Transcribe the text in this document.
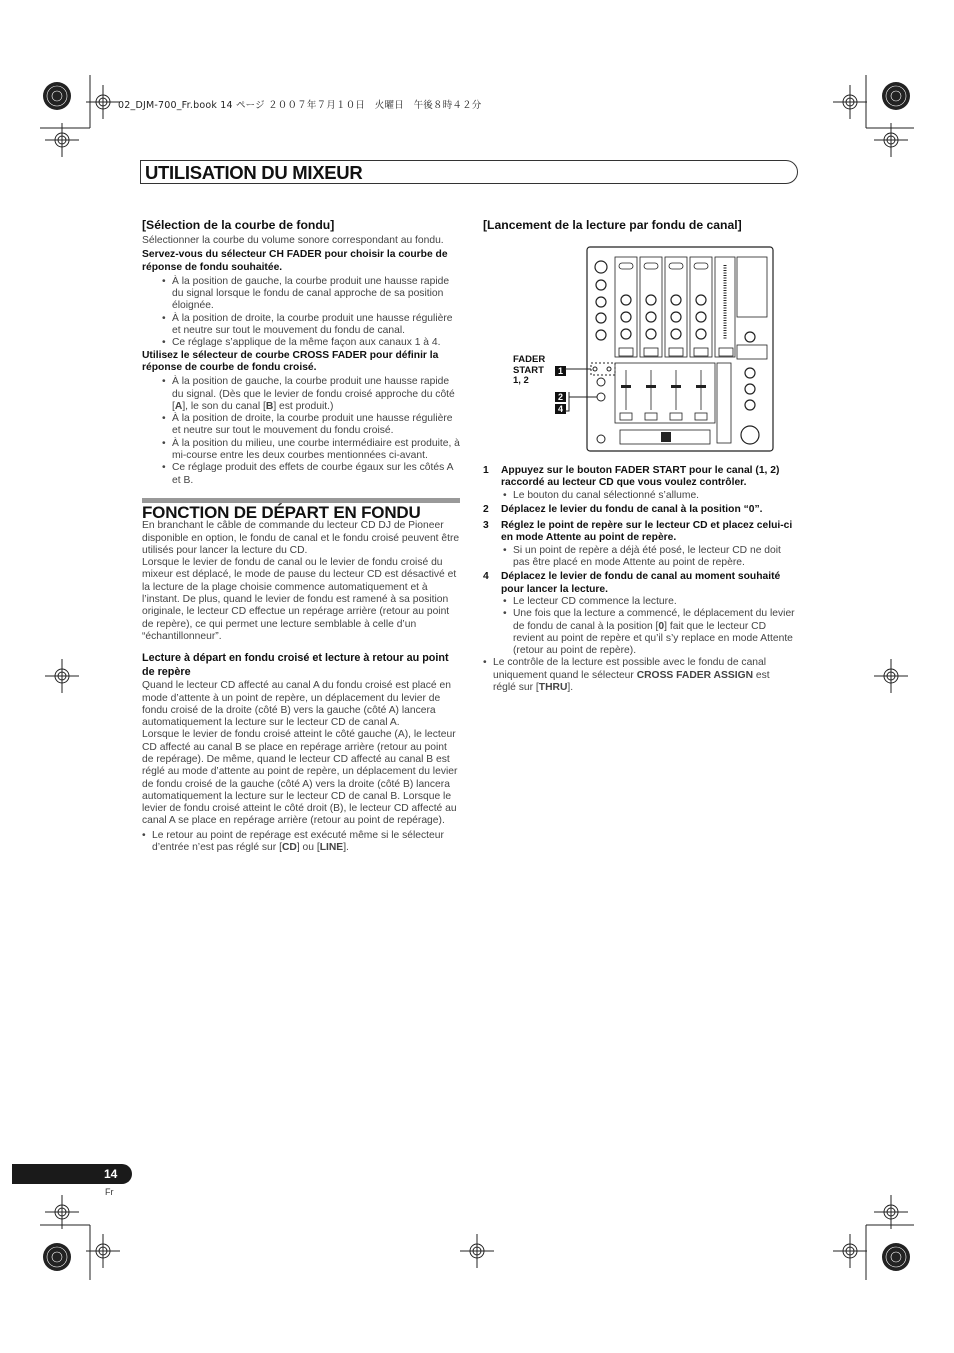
02_DJM-700_Fr.book 14 ページ ２００７年７月１０日　火曜日　午後８時４２分
UTILISATION DU MIXEUR

[Sélection de la courbe de fondu]

Sélectionner la courbe du volume sonore correspondant au fondu.

Servez-vous du sélecteur CH FADER pour choisir la courbe de réponse de fondu souhaitée.

• À la position de gauche, la courbe produit une hausse rapide du signal lorsque le fondu de canal approche de sa position éloignée.
• À la position de droite, la courbe produit une hausse régulière et neutre sur tout le mouvement du fondu de canal.
• Ce réglage s’applique de la même façon aux canaux 1 à 4.

Utilisez le sélecteur de courbe CROSS FADER pour définir la réponse de courbe de fondu croisé.

• À la position de gauche, la courbe produit une hausse rapide du signal. (Dès que le levier de fondu croisé approche du côté [A], le son du canal [B] est produit.)
• À la position de droite, la courbe produit une hausse régulière et neutre sur tout le mouvement du fondu croisé.
• À la position du milieu, une courbe intermédiaire est produite, à mi-course entre les deux courbes mentionnées ci-avant.
• Ce réglage produit des effets de courbe égaux sur les côtés A et B.

FONCTION DE DÉPART EN FONDU

En branchant le câble de commande du lecteur CD DJ de Pioneer disponible en option, le fondu de canal et le fondu croisé peuvent être utilisés pour lancer la lecture du CD.

Lorsque le levier de fondu de canal ou le levier de fondu croisé du mixeur est déplacé, le mode de pause du lecteur CD est désactivé et la lecture de la plage choisie commence automatiquement et à l’instant. De plus, quand le levier de fondu est ramené à sa position originale, le lecteur CD effectue un repérage arrière (retour au point de repère), ce qui permet une lecture semblable à celle d’un “échantillonneur”.

Lecture à départ en fondu croisé et lecture à retour au point de repère

Quand le lecteur CD affecté au canal A du fondu croisé est placé en mode d’attente à un point de repère, un déplacement du levier de fondu croisé de la droite (côté B) vers la gauche (côté A) lancera automatiquement la lecture sur le lecteur CD de canal A.

Lorsque le levier de fondu croisé atteint le côté gauche (A), le lecteur CD affecté au canal B se place en repérage arrière (retour au point de repérage). De même, quand le lecteur CD affecté au canal B est réglé au mode d’attente au point de repère, un déplacement du levier de fondu croisé de la gauche (côté A) vers la droite (côté B) lancera automatiquement la lecture sur le lecteur CD de canal B. Lorsque le levier de fondu croisé atteint le côté droit (B), le lecteur CD affecté au canal A se place en repérage arrière (retour au point de repérage).

• Le retour au point de repérage est exécuté même si le sélecteur d’entrée n’est pas réglé sur [CD] ou [LINE].

[Lancement de la lecture par fondu de canal]

FADER
START
1, 2
1
2
4

1 Appuyez sur le bouton FADER START pour le canal (1, 2) raccordé au lecteur CD que vous voulez contrôler.

• Le bouton du canal sélectionné s’allume.

2 Déplacez le levier du fondu de canal à la position “0”.

3 Réglez le point de repère sur le lecteur CD et placez celui-ci en mode Attente au point de repère.

• Si un point de repère a déjà été posé, le lecteur CD ne doit pas être placé en mode Attente au point de repère.

4 Déplacez le levier de fondu de canal au moment souhaité pour lancer la lecture.

• Le lecteur CD commence la lecture.
• Une fois que la lecture a commencé, le déplacement du levier de fondu de canal à la position [0] fait que le lecteur CD revient au point de repère et qu’il s’y replace en mode Attente (retour au point de repère).
• Le contrôle de la lecture est possible avec le fondu de canal uniquement quand le sélecteur CROSS FADER ASSIGN est réglé sur [THRU].
14
Fr
